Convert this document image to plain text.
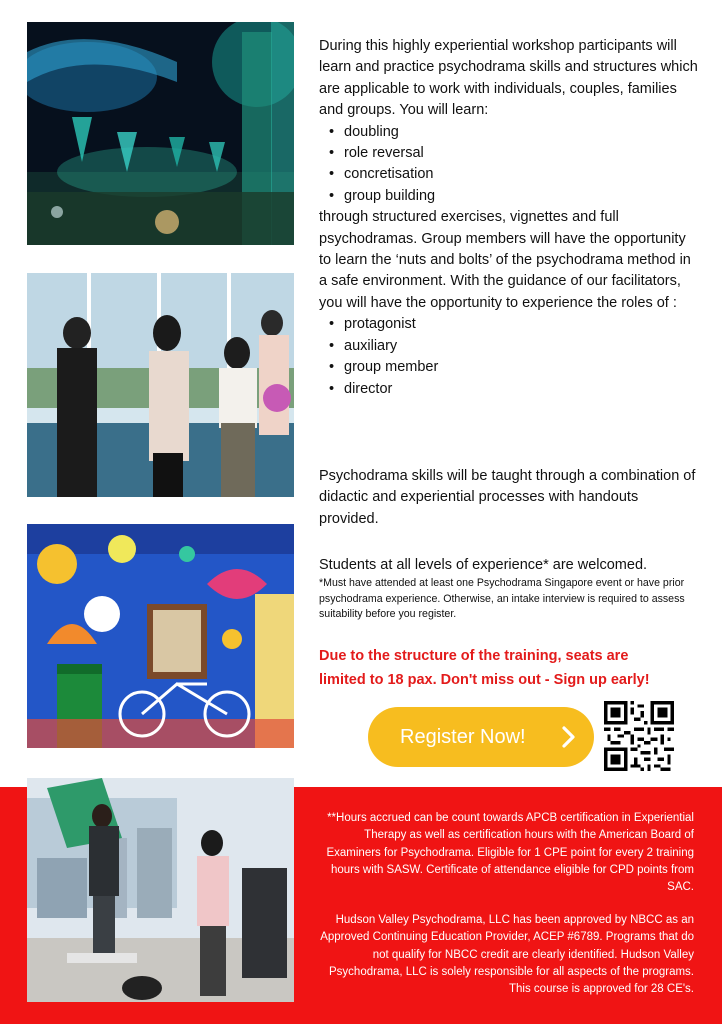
During this highly experiential workshop participants will learn and practice psychodrama skills and structures which are applicable to work with individuals, couples, families and groups. You will learn:

• doubling
• role reversal
• concretisation
• group building

through structured exercises, vignettes and full psychodramas. Group members will have the opportunity to learn the ‘nuts and bolts’ of the psychodrama method in a safe environment. With the guidance of our facilitators, you will have the opportunity to experience the roles of :

• protagonist
• auxiliary
• group member
• director

Psychodrama skills will be taught through a combination of didactic and experiential processes with handouts provided.

Students at all levels of experience* are welcomed.

*Must have attended at least one Psychodrama Singapore event or have prior psychodrama experience. Otherwise, an intake interview is required to assess suitability before you register.

Due to the structure of the training, seats are limited to 18 pax. Don't miss out - Sign up early!

Register Now!

**Hours accrued can be count towards APCB certification in Experiential Therapy as well as certification hours with the American Board of Examiners for Psychodrama. Eligible for 1 CPE point for every 2 training hours with SASW. Certificate of attendance eligible for CPD points from SAC.

Hudson Valley Psychodrama, LLC has been approved by NBCC as an Approved Continuing Education Provider, ACEP #6789. Programs that do not qualify for NBCC credit are clearly identified. Hudson Valley Psychodrama, LLC is solely responsible for all aspects of the programs. This course is approved for 28 CE's.
